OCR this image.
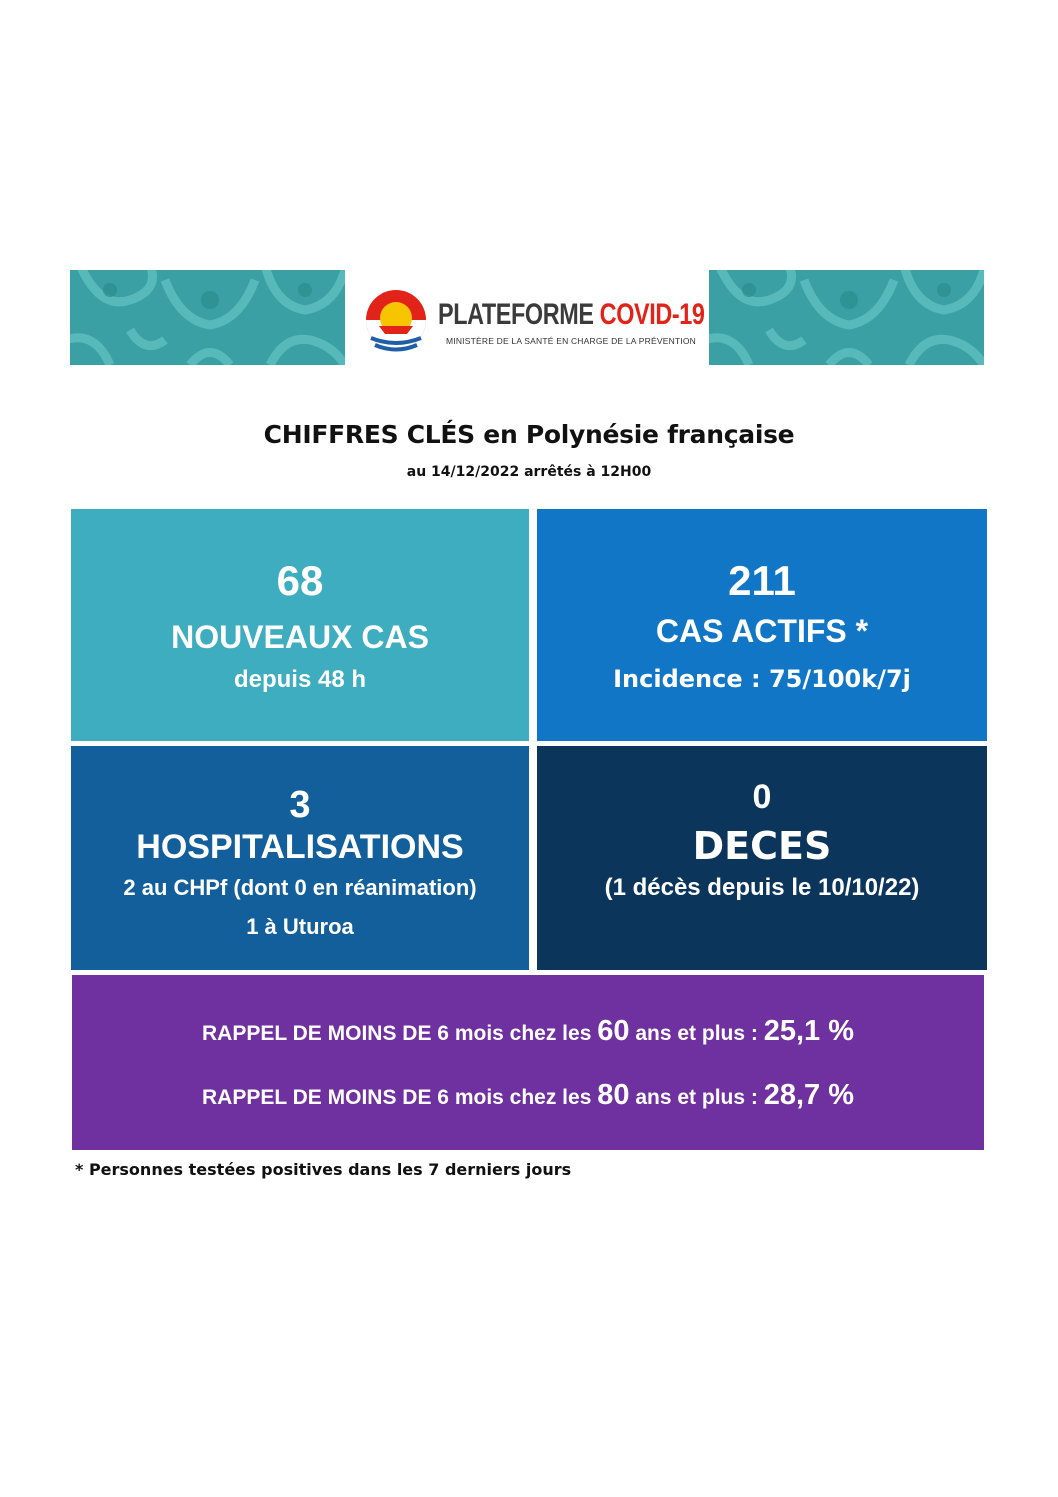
PLATEFORME COVID-19
MINISTÈRE DE LA SANTÉ EN CHARGE DE LA PRÉVENTION
CHIFFRES CLÉS en Polynésie française
au 14/12/2022 arrêtés à 12H00
68
NOUVEAUX CAS
depuis 48 h
211
CAS ACTIFS *
Incidence : 75/100k/7j
3
HOSPITALISATIONS
2 au CHPf (dont 0 en réanimation)
1 à Uturoa
0
DECES
(1 décès depuis le 10/10/22)
RAPPEL DE MOINS DE 6 mois chez les 60 ans et plus : 25,1 %
RAPPEL DE MOINS DE 6 mois chez les 80 ans et plus : 28,7 %
* Personnes testées positives dans les 7 derniers jours
